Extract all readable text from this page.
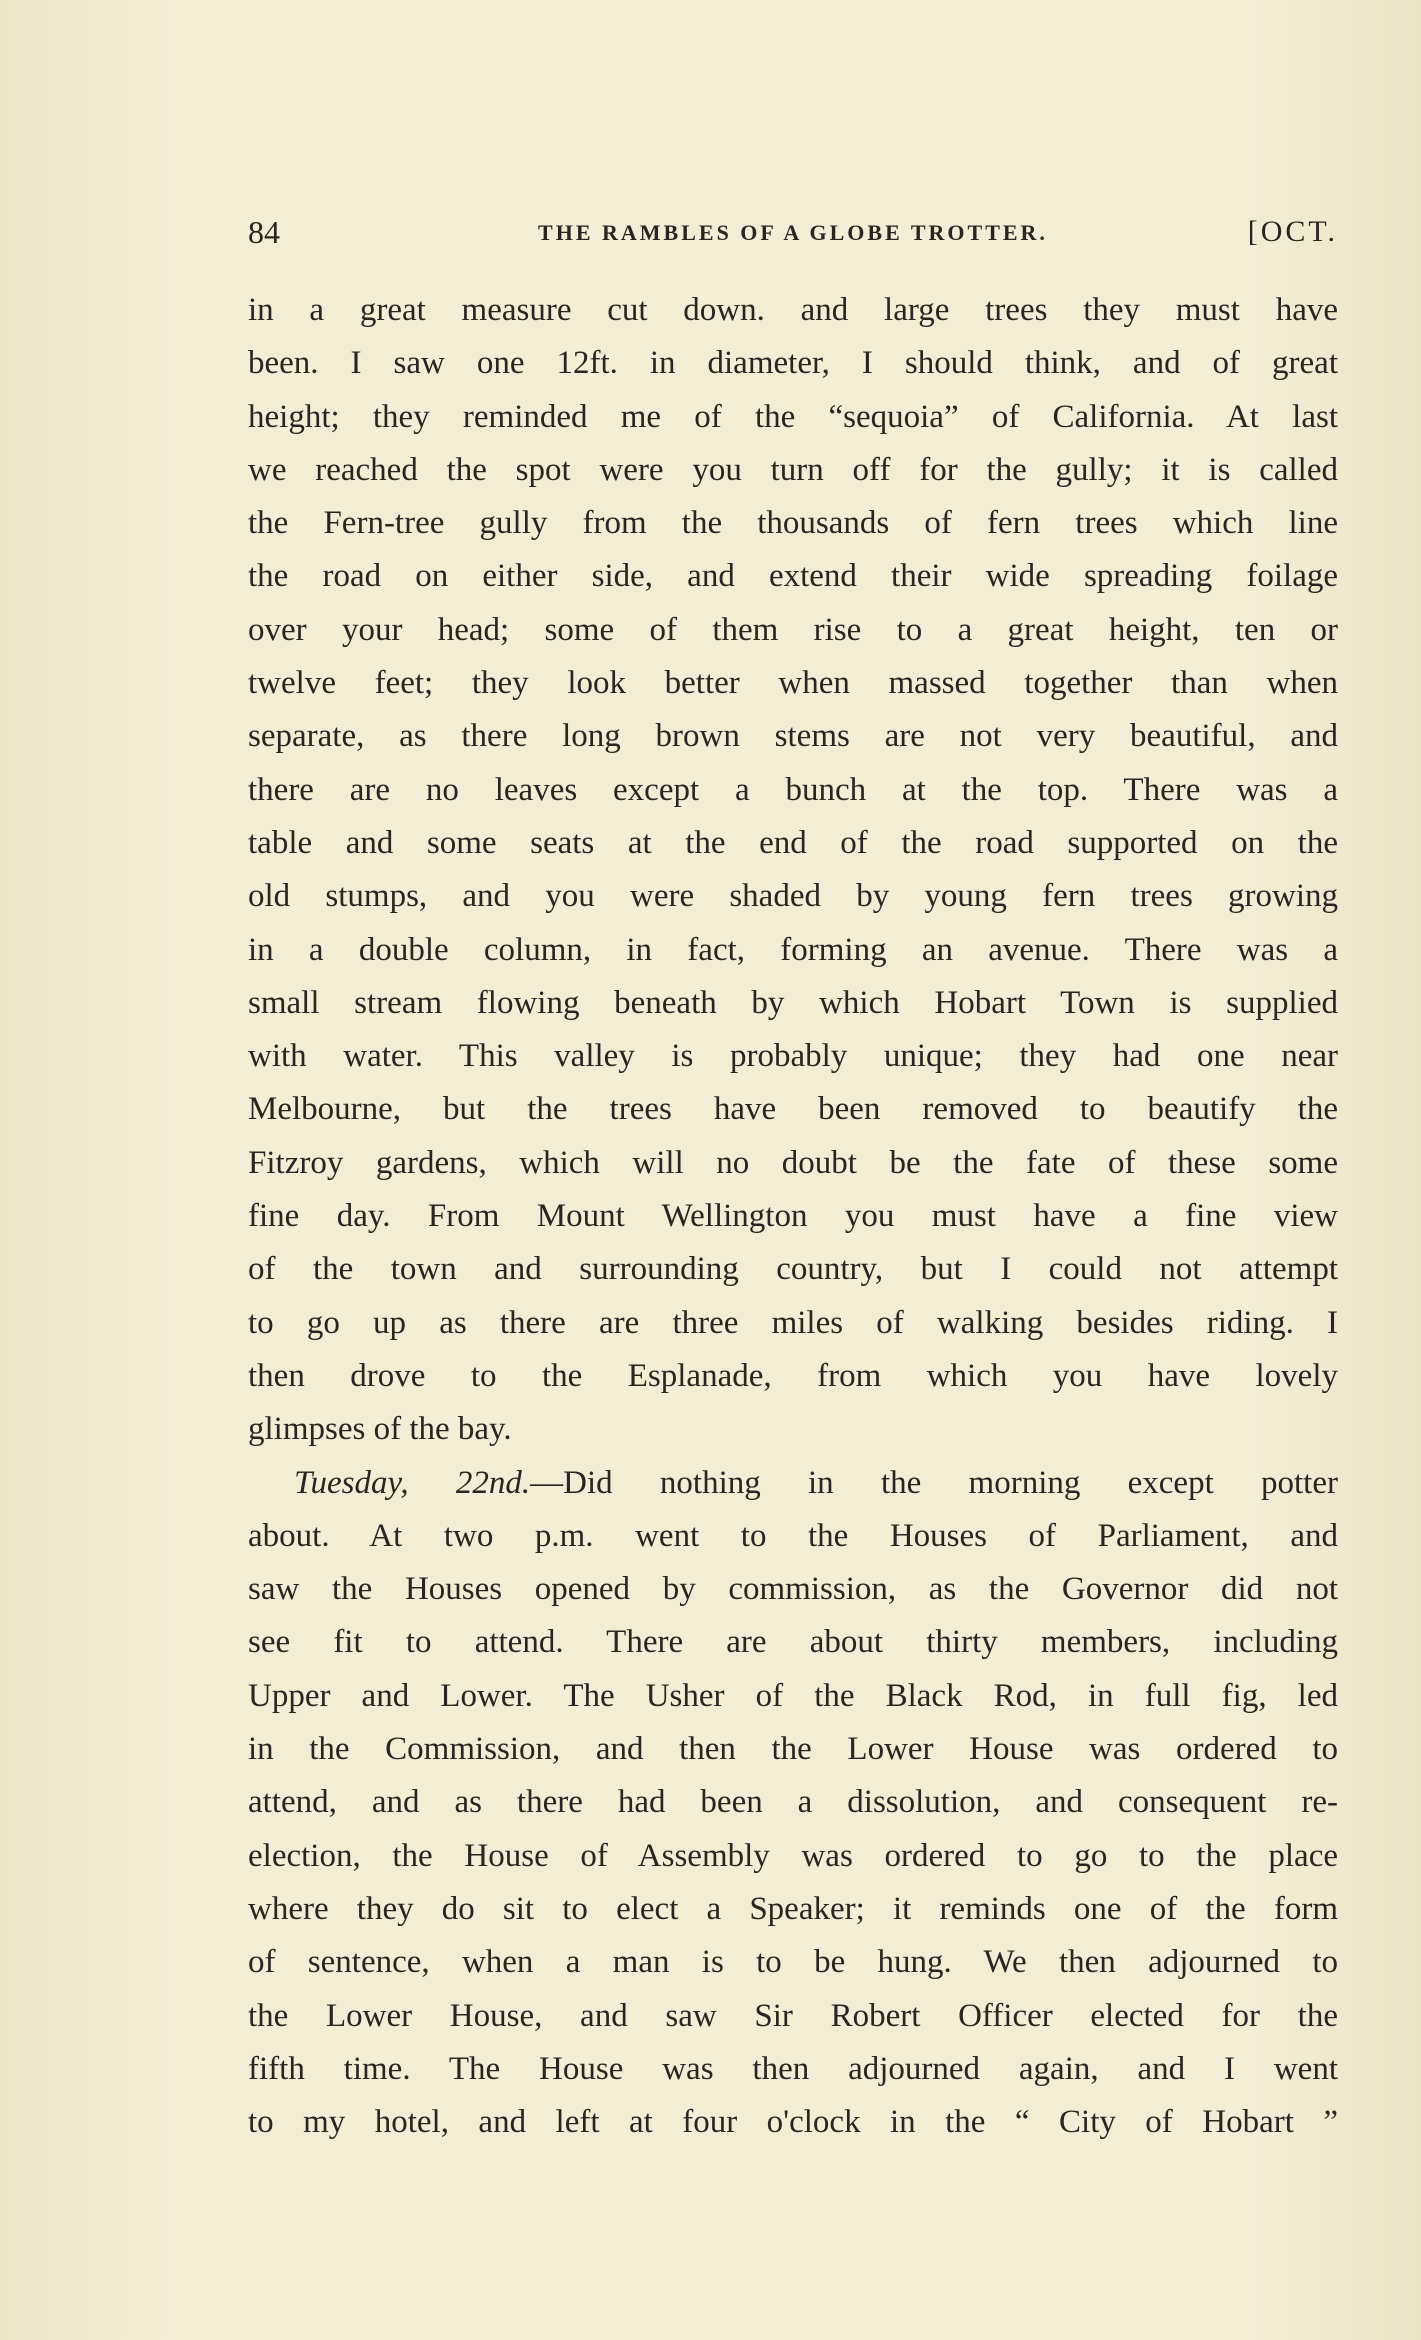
84	THE RAMBLES OF A GLOBE TROTTER.	[OCT.

in a great measure cut down. and large trees they must have
been. I saw one 12ft. in diameter, I should think, and of great
height; they reminded me of the “sequoia” of California. At last
we reached the spot were you turn off for the gully; it is called
the Fern-tree gully from the thousands of fern trees which line
the road on either side, and extend their wide spreading foilage
over your head; some of them rise to a great height, ten or
twelve feet; they look better when massed together than when
separate, as there long brown stems are not very beautiful, and
there are no leaves except a bunch at the top. There was a
table and some seats at the end of the road supported on the
old stumps, and you were shaded by young fern trees growing
in a double column, in fact, forming an avenue. There was a
small stream flowing beneath by which Hobart Town is supplied
with water. This valley is probably unique; they had one near
Melbourne, but the trees have been removed to beautify the
Fitzroy gardens, which will no doubt be the fate of these some
fine day. From Mount Wellington you must have a fine view
of the town and surrounding country, but I could not attempt
to go up as there are three miles of walking besides riding. I
then drove to the Esplanade, from which you have lovely
glimpses of the bay.

Tuesday, 22nd.—Did nothing in the morning except potter
about. At two p.m. went to the Houses of Parliament, and
saw the Houses opened by commission, as the Governor did not
see fit to attend. There are about thirty members, including
Upper and Lower. The Usher of the Black Rod, in full fig, led
in the Commission, and then the Lower House was ordered to
attend, and as there had been a dissolution, and consequent re-
election, the House of Assembly was ordered to go to the place
where they do sit to elect a Speaker; it reminds one of the form
of sentence, when a man is to be hung. We then adjourned to
the Lower House, and saw Sir Robert Officer elected for the
fifth time. The House was then adjourned again, and I went
to my hotel, and left at four o'clock in the “ City of Hobart ”
